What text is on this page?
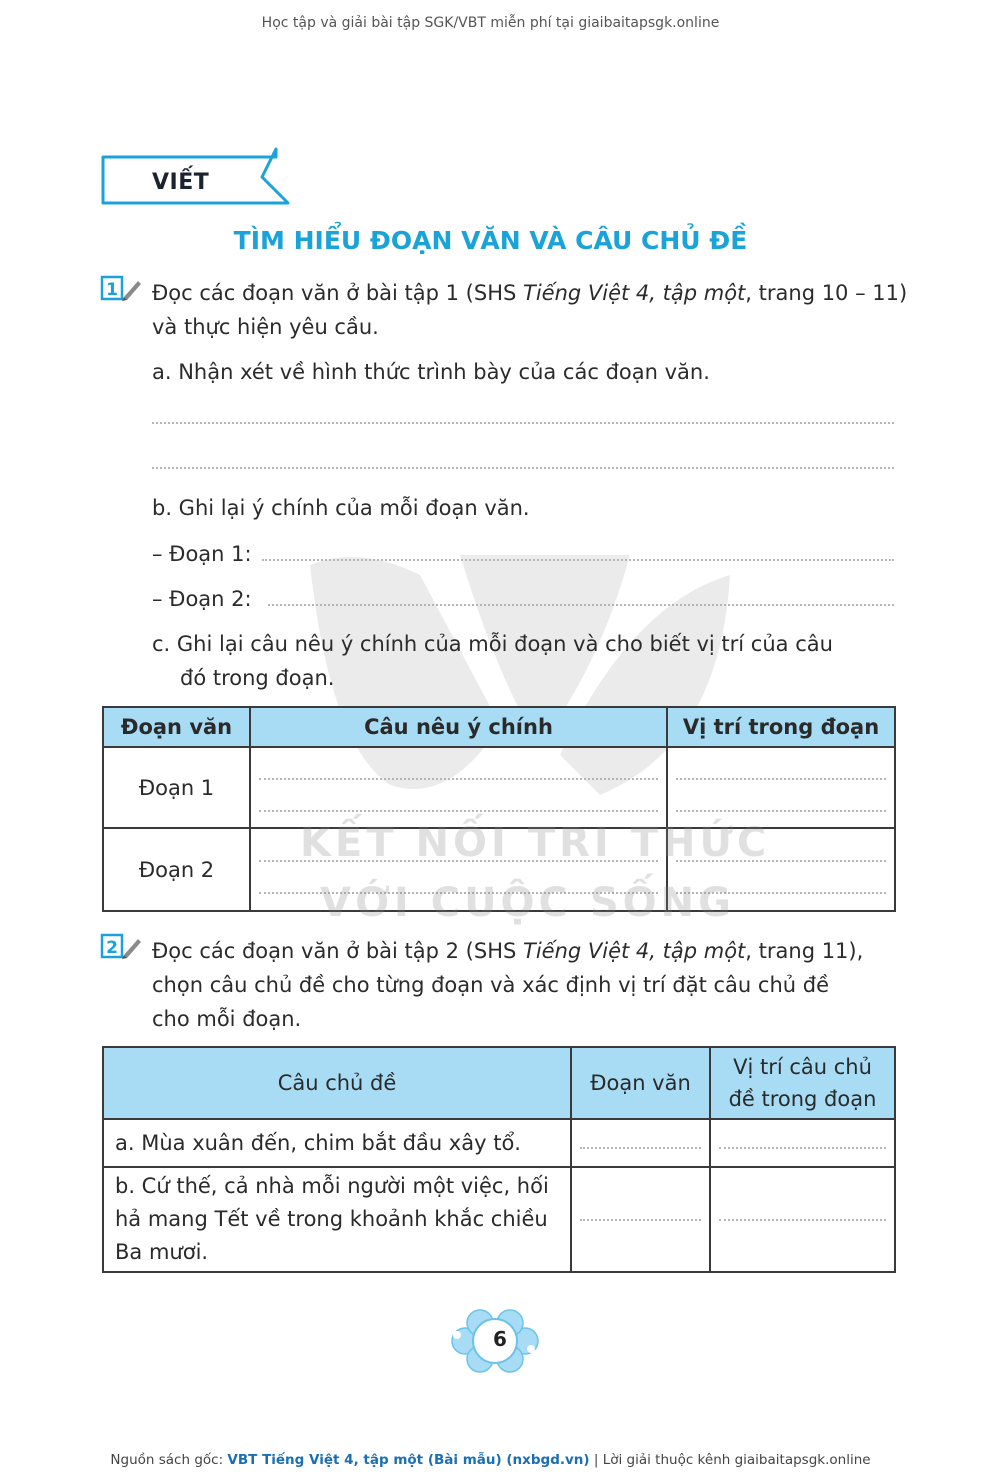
Học tập và giải bài tập SGK/VBT miễn phí tại giaibaitapsgk.online
VIẾT
TÌM HIỂU ĐOẠN VĂN VÀ CÂU CHỦ ĐỀ
1 Đọc các đoạn văn ở bài tập 1 (SHS Tiếng Việt 4, tập một, trang 10 – 11)
và thực hiện yêu cầu.
a. Nhận xét về hình thức trình bày của các đoạn văn.
b. Ghi lại ý chính của mỗi đoạn văn.
– Đoạn 1:
– Đoạn 2:
c. Ghi lại câu nêu ý chính của mỗi đoạn và cho biết vị trí của câu
đó trong đoạn.
Đoạn văn	Câu nêu ý chính	Vị trí trong đoạn
Đoạn 1	

Đoạn 2	

KẾT NỐI TRI THỨC
VỚI CUỘC SỐNG
2 Đọc các đoạn văn ở bài tập 2 (SHS Tiếng Việt 4, tập một, trang 11),
chọn câu chủ đề cho từng đoạn và xác định vị trí đặt câu chủ đề
cho mỗi đoạn.
Câu chủ đề	Đoạn văn	Vị trí câu chủ đề trong đoạn
a. Mùa xuân đến, chim bắt đầu xây tổ.	

b. Cứ thế, cả nhà mỗi người một việc, hối hả mang Tết về trong khoảnh khắc chiều Ba mươi.	

6
Nguồn sách gốc: VBT Tiếng Việt 4, tập một (Bài mẫu) (nxbgd.vn) | Lời giải thuộc kênh giaibaitapsgk.online
